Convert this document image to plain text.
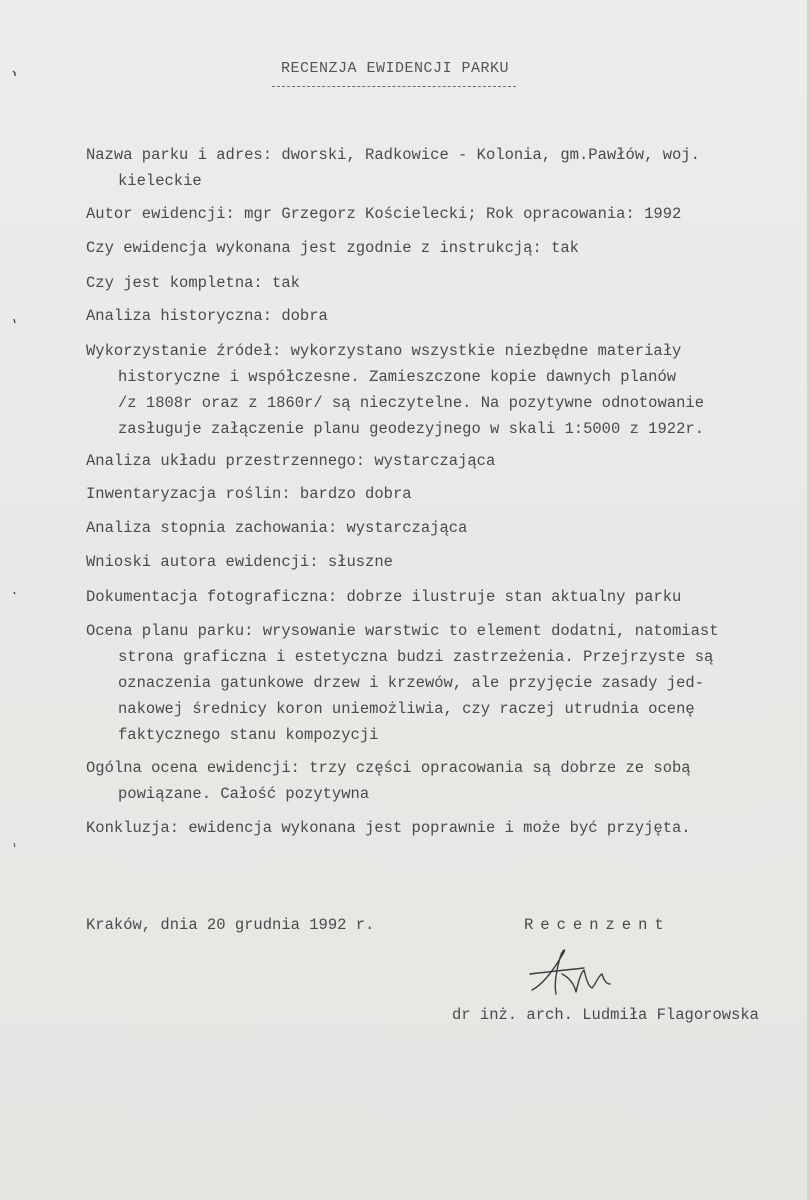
RECENZJA EWIDENCJI PARKU
Nazwa parku i adres: dworski, Radkowice - Kolonia, gm.Pawłów, woj.
kieleckie
Autor ewidencji: mgr Grzegorz Kościelecki; Rok opracowania: 1992
Czy ewidencja wykonana jest zgodnie z instrukcją: tak
Czy jest kompletna: tak
Analiza historyczna: dobra
Wykorzystanie źródeł: wykorzystano wszystkie niezbędne materiały
historyczne i współczesne. Zamieszczone kopie dawnych planów
/z 1808r oraz z 1860r/ są nieczytelne. Na pozytywne odnotowanie
zasługuje załączenie planu geodezyjnego w skali 1:5000 z 1922r.
Analiza układu przestrzennego: wystarczająca
Inwentaryzacja roślin: bardzo dobra
Analiza stopnia zachowania: wystarczająca
Wnioski autora ewidencji: słuszne
Dokumentacja fotograficzna: dobrze ilustruje stan aktualny parku
Ocena planu parku: wrysowanie warstwic to element dodatni, natomiast
strona graficzna i estetyczna budzi zastrzeżenia. Przejrzyste są
oznaczenia gatunkowe drzew i krzewów, ale przyjęcie zasady jed-
nakowej średnicy koron uniemożliwia, czy raczej utrudnia ocenę
faktycznego stanu kompozycji
Ogólna ocena ewidencji: trzy części opracowania są dobrze ze sobą
powiązane. Całość pozytywna
Konkluzja: ewidencja wykonana jest poprawnie i może być przyjęta.
Kraków, dnia 20 grudnia 1992 r.	Recenzent
dr inż. arch. Ludmiła Flagorowska
